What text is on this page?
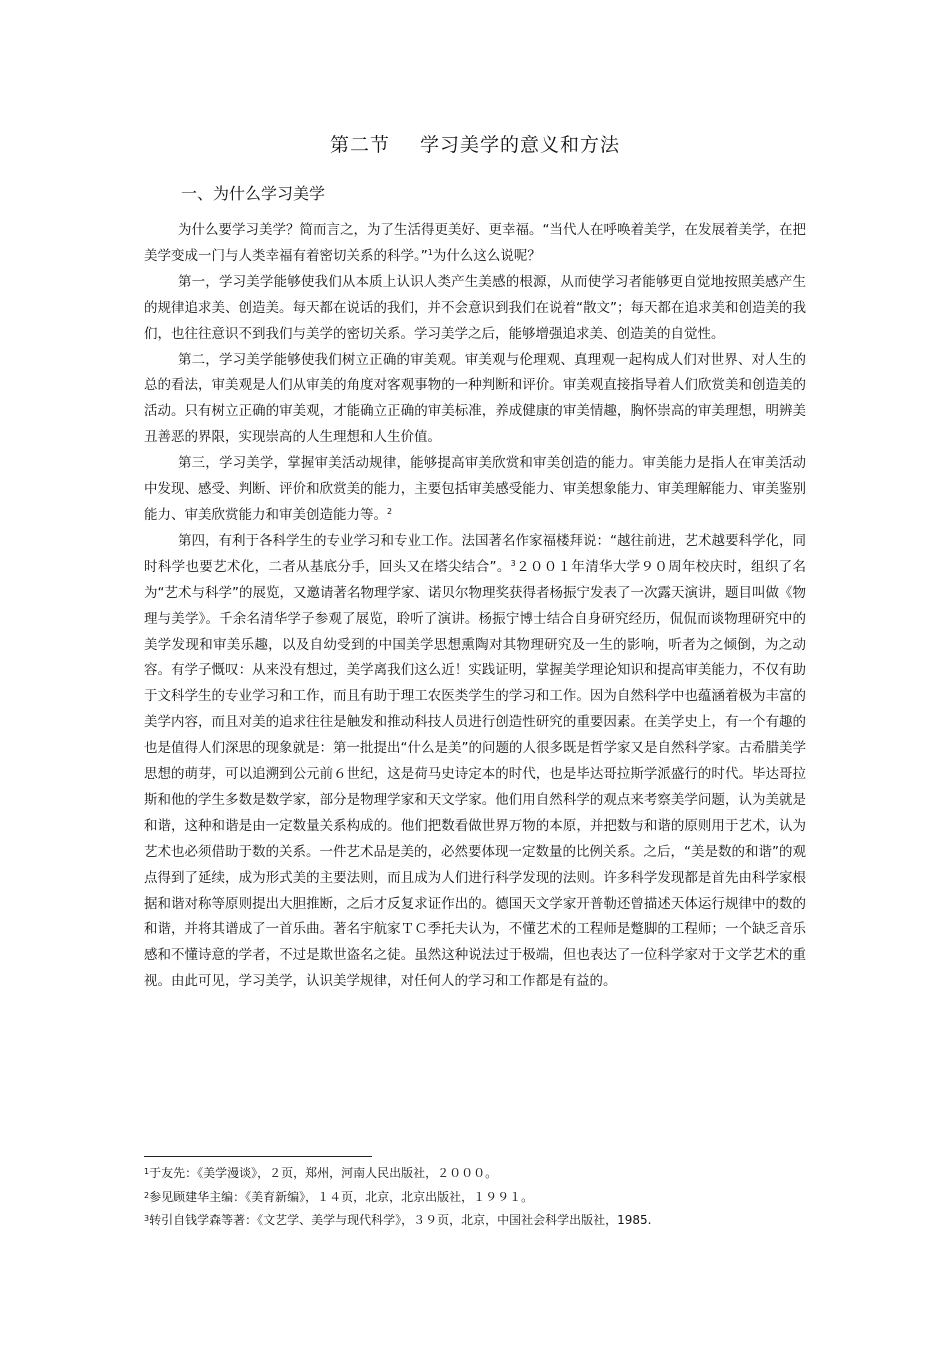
第二节 学习美学的意义和方法
一、为什么学习美学

为什么要学习美学？简而言之，为了生活得更美好、更幸福。“当代人在呼唤着美学，在发展着美学，在把美学变成一门与人类幸福有着密切关系的科学。”$^1$为什么这么说呢？

第一，学习美学能够使我们从本质上认识人类产生美感的根源，从而使学习者能够更自觉地按照美感产生的规律追求美、创造美。每天都在说话的我们，并不会意识到我们在说着“散文”；每天都在追求美和创造美的我们，也往往意识不到我们与美学的密切关系。学习美学之后，能够增强追求美、创造美的自觉性。

第二，学习美学能够使我们树立正确的审美观。审美观与伦理观、真理观一起构成人们对世界、对人生的总的看法，审美观是人们从审美的角度对客观事物的一种判断和评价。审美观直接指导着人们欣赏美和创造美的活动。只有树立正确的审美观，才能确立正确的审美标准，养成健康的审美情趣，胸怀崇高的审美理想，明辨美丑善恶的界限，实现崇高的人生理想和人生价值。

第三，学习美学，掌握审美活动规律，能够提高审美欣赏和审美创造的能力。审美能力是指人在审美活动中发现、感受、判断、评价和欣赏美的能力，主要包括审美感受能力、审美想象能力、审美理解能力、审美鉴别能力、审美欣赏能力和审美创造能力等。$^2$

第四，有利于各科学生的专业学习和专业工作。法国著名作家福楼拜说：“越往前进，艺术越要科学化，同时科学也要艺术化，二者从基底分手，回头又在塔尖结合”。$^3$２００１年清华大学９０周年校庆时，组织了名为“艺术与科学”的展览，又邀请著名物理学家、诺贝尔物理奖获得者杨振宁发表了一次露天演讲，题目叫做《物理与美学》。千余名清华学子参观了展览，聆听了演讲。杨振宁博士结合自身研究经历，侃侃而谈物理研究中的美学发现和审美乐趣，以及自幼受到的中国美学思想熏陶对其物理研究及一生的影响，听者为之倾倒，为之动容。有学子慨叹：从来没有想过，美学离我们这么近！实践证明，掌握美学理论知识和提高审美能力，不仅有助于文科学生的专业学习和工作，而且有助于理工农医类学生的学习和工作。因为自然科学中也蕴涵着极为丰富的美学内容，而且对美的追求往往是触发和推动科技人员进行创造性研究的重要因素。在美学史上，有一个有趣的也是值得人们深思的现象就是：第一批提出“什么是美”的问题的人很多既是哲学家又是自然科学家。古希腊美学思想的萌芽，可以追溯到公元前６世纪，这是荷马史诗定本的时代，也是毕达哥拉斯学派盛行的时代。毕达哥拉斯和他的学生多数是数学家，部分是物理学家和天文学家。他们用自然科学的观点来考察美学问题，认为美就是和谐，这种和谐是由一定数量关系构成的。他们把数看做世界万物的本原，并把数与和谐的原则用于艺术，认为艺术也必须借助于数的关系。一件艺术品是美的，必然要体现一定数量的比例关系。之后，“美是数的和谐”的观点得到了延续，成为形式美的主要法则，而且成为人们进行科学发现的法则。许多科学发现都是首先由科学家根据和谐对称等原则提出大胆推断，之后才反复求证作出的。德国天文学家开普勒还曾描述天体运行规律中的数的和谐，并将其谱成了一首乐曲。著名宇航家ＴＣ季托夫认为，不懂艺术的工程师是蹩脚的工程师；一个缺乏音乐感和不懂诗意的学者，不过是欺世盗名之徒。虽然这种说法过于极端，但也表达了一位科学家对于文学艺术的重视。由此可见，学习美学，认识美学规律，对任何人的学习和工作都是有益的。

$^1$于友先：《美学漫谈》，２页，郑州，河南人民出版社，２０００。
$^2$参见顾建华主编：《美育新编》，１４页，北京，北京出版社，１９９１。
$^3$转引自钱学森等著：《文艺学、美学与现代科学》，３９页，北京，中国社会科学出版社，1985.
